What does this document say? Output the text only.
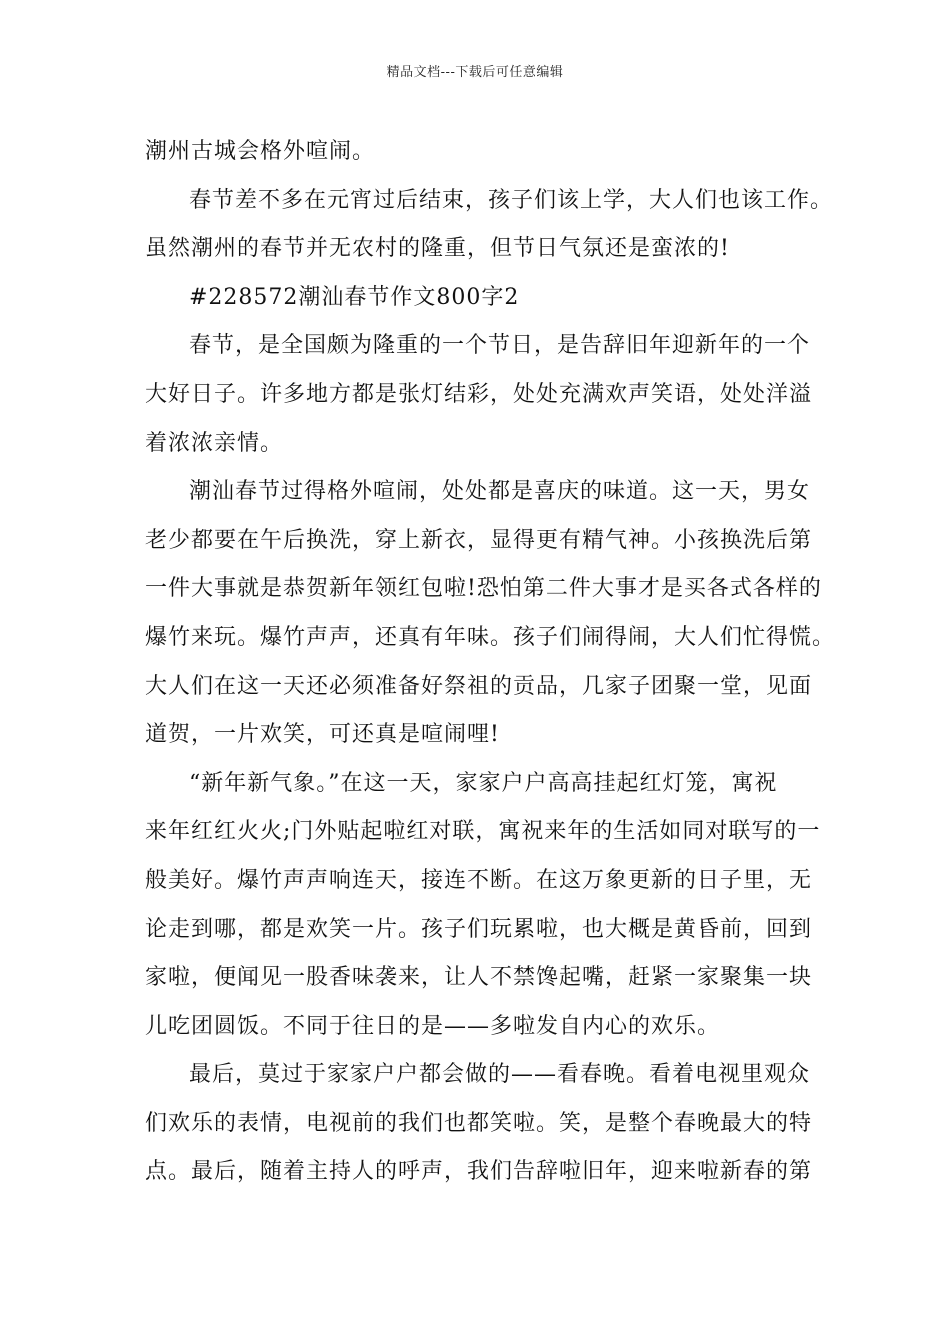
精品文档---下载后可任意编辑
潮州古城会格外喧闹。
春节差不多在元宵过后结束，孩子们该上学，大人们也该工作。
虽然潮州的春节并无农村的隆重，但节日气氛还是蛮浓的!
#228572潮汕春节作文800字2
春节，是全国颇为隆重的一个节日，是告辞旧年迎新年的一个
大好日子。许多地方都是张灯结彩，处处充满欢声笑语，处处洋溢
着浓浓亲情。
潮汕春节过得格外喧闹，处处都是喜庆的味道。这一天，男女
老少都要在午后换洗，穿上新衣，显得更有精气神。小孩换洗后第
一件大事就是恭贺新年领红包啦!恐怕第二件大事才是买各式各样的
爆竹来玩。爆竹声声，还真有年味。孩子们闹得闹，大人们忙得慌。
大人们在这一天还必须准备好祭祖的贡品，几家子团聚一堂，见面
道贺，一片欢笑，可还真是喧闹哩!
“新年新气象。”在这一天，家家户户高高挂起红灯笼，寓祝
来年红红火火;门外贴起啦红对联，寓祝来年的生活如同对联写的一
般美好。爆竹声声响连天，接连不断。在这万象更新的日子里，无
论走到哪，都是欢笑一片。孩子们玩累啦，也大概是黄昏前，回到
家啦，便闻见一股香味袭来，让人不禁馋起嘴，赶紧一家聚集一块
儿吃团圆饭。不同于往日的是——多啦发自内心的欢乐。
最后，莫过于家家户户都会做的——看春晚。看着电视里观众
们欢乐的表情，电视前的我们也都笑啦。笑，是整个春晚最大的特
点。最后，随着主持人的呼声，我们告辞啦旧年，迎来啦新春的第
